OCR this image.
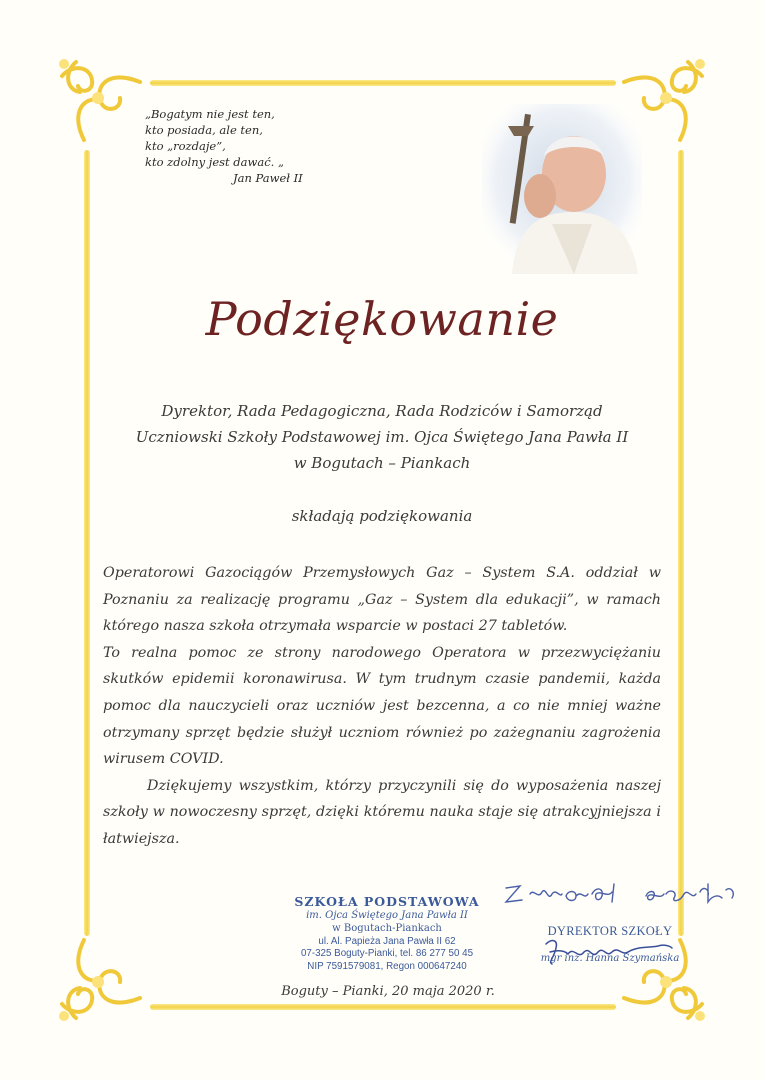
„Bogatym nie jest ten,
kto posiada, ale ten,
kto „rozdaje”,
kto zdolny jest dawać. „
Jan Paweł II
Podziękowanie
Dyrektor, Rada Pedagogiczna, Rada Rodziców i Samorząd
Uczniowski Szkoły Podstawowej im. Ojca Świętego Jana Pawła II
w Bogutach – Piankach
składają podziękowania

Operatorowi Gazociągów Przemysłowych Gaz – System S.A. oddział w Poznaniu za realizację programu „Gaz – System dla edukacji”, w ramach którego nasza szkoła otrzymała wsparcie w postaci 27 tabletów.

To realna pomoc ze strony narodowego Operatora w przezwyciężaniu skutków epidemii koronawirusa. W tym trudnym czasie pandemii, każda pomoc dla nauczycieli oraz uczniów jest bezcenna, a co nie mniej ważne otrzymany sprzęt będzie służył uczniom również po zażegnaniu zagrożenia wirusem COVID.

Dziękujemy wszystkim, którzy przyczynili się do wyposażenia naszej szkoły w nowoczesny sprzęt, dzięki któremu nauka staje się atrakcyjniejsza i łatwiejsza.

SZKOŁA PODSTAWOWA
im. Ojca Świętego Jana Pawła II
w Bogutach-Piankach
ul. Al. Papieża Jana Pawła II 62
07-325 Boguty-Pianki, tel. 86 277 50 45
NIP 7591579081, Regon 000647240
Boguty – Pianki, 20 maja 2020 r.
DYREKTOR SZKOŁY
mgr inż. Hanna Szymańska
